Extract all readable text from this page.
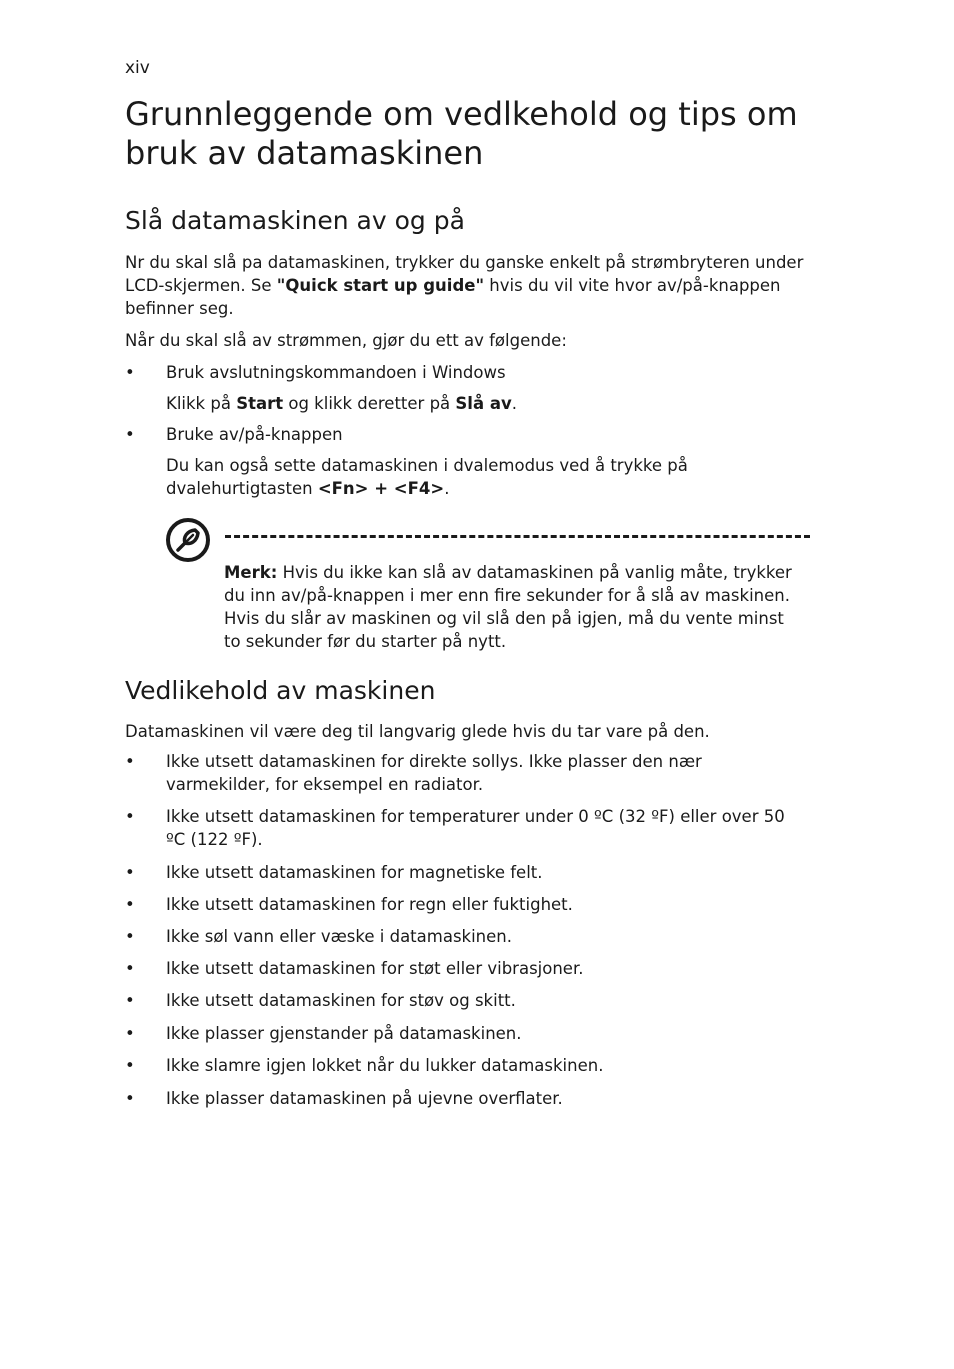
xiv
Grunnleggende om vedlkehold og tips om bruk av datamaskinen
Slå datamaskinen av og på

Nr du skal slå pa datamaskinen, trykker du ganske enkelt på strømbryteren under LCD-skjermen. Se "Quick start up guide" hvis du vil vite hvor av/på-knappen befinner seg.

Når du skal slå av strømmen, gjør du ett av følgende:

• Bruk avslutningskommandoen i Windows

Klikk på Start og klikk deretter på Slå av.

• Bruke av/på-knappen

Du kan også sette datamaskinen i dvalemodus ved å trykke på dvalehurtigtasten <Fn> + <F4>.

Merk: Hvis du ikke kan slå av datamaskinen på vanlig måte, trykker du inn av/på-knappen i mer enn fire sekunder for å slå av maskinen. Hvis du slår av maskinen og vil slå den på igjen, må du vente minst to sekunder før du starter på nytt.

Vedlikehold av maskinen

Datamaskinen vil være deg til langvarig glede hvis du tar vare på den.

• Ikke utsett datamaskinen for direkte sollys. Ikke plasser den nær varmekilder, for eksempel en radiator.
• Ikke utsett datamaskinen for temperaturer under 0 ºC (32 ºF) eller over 50 ºC (122 ºF).
• Ikke utsett datamaskinen for magnetiske felt.
• Ikke utsett datamaskinen for regn eller fuktighet.
• Ikke søl vann eller væske i datamaskinen.
• Ikke utsett datamaskinen for støt eller vibrasjoner.
• Ikke utsett datamaskinen for støv og skitt.
• Ikke plasser gjenstander på datamaskinen.
• Ikke slamre igjen lokket når du lukker datamaskinen.
• Ikke plasser datamaskinen på ujevne overflater.
